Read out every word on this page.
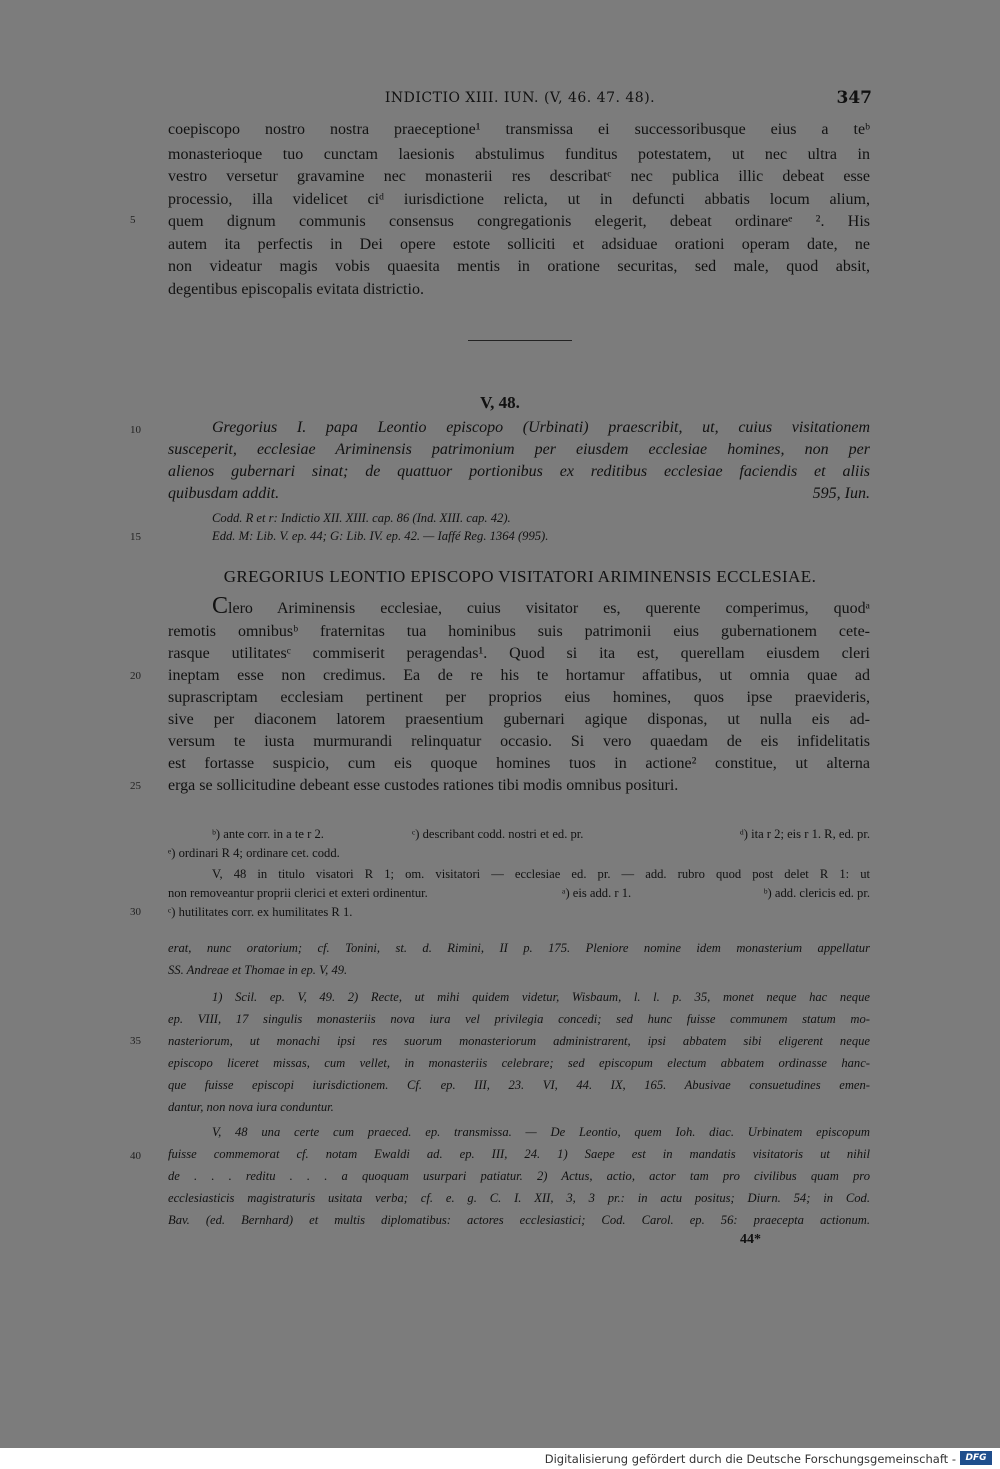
INDICTIO XIII. IUN. (V, 46. 47. 48).	347
coepiscopo nostro nostra praeceptione¹ transmissa ei successoribusque eius a teᵇ
monasterioque tuo cunctam laesionis abstulimus funditus potestatem, ut nec ultra in
vestro versetur gravamine nec monasterii res describatᶜ nec publica illic debeat esse
processio, illa videlicet ciᵈ iurisdictione relicta, ut in defuncti abbatis locum alium,
quem dignum communis consensus congregationis elegerit, debeat ordinareᵉ ². His
autem ita perfectis in Dei opere estote solliciti et adsiduae orationi operam date, ne
non videatur magis vobis quaesita mentis in oratione securitas, sed male, quod absit,
degentibus episcopalis evitata districtio.
V, 48.
Gregorius I. papa Leontio episcopo (Urbinati) praescribit, ut, cuius visitationem
susceperit, ecclesiae Ariminensis patrimonium per eiusdem ecclesiae homines, non per
alienos gubernari sinat; de quattuor portionibus ex reditibus ecclesiae faciendis et aliis
quibusdam addit.	595, Iun.
Codd. R et r: Indictio XII. XIII. cap. 86 (Ind. XIII. cap. 42).
Edd. M: Lib. V. ep. 44; G: Lib. IV. ep. 42. — Iaffé Reg. 1364 (995).
GREGORIUS LEONTIO EPISCOPO VISITATORI ARIMINENSIS ECCLESIAE.
Clero Ariminensis ecclesiae, cuius visitator es, querente comperimus, quodᵃ
remotis omnibusᵇ fraternitas tua hominibus suis patrimonii eius gubernationem cete-
rasque utilitatesᶜ commiserit peragendas¹. Quod si ita est, querellam eiusdem cleri
ineptam esse non credimus. Ea de re his te hortamur affatibus, ut omnia quae ad
suprascriptam ecclesiam pertinent per proprios eius homines, quos ipse praevideris,
sive per diaconem latorem praesentium gubernari agique disponas, ut nulla eis ad-
versum te iusta murmurandi relinquatur occasio. Si vero quaedam de eis infidelitatis
est fortasse suspicio, cum eis quoque homines tuos in actione² constitue, ut alterna
erga se sollicitudine debeant esse custodes rationes tibi modis omnibus posituri.
ᵇ) ante corr. in a te r 2.	ᶜ) describant codd. nostri et ed. pr.	ᵈ) ita r 2; eis r 1. R, ed. pr.
ᵉ) ordinari R 4; ordinare cet. codd.
V, 48 in titulo visatori R 1; om. visitatori — ecclesiae ed. pr. — add. rubro quod post delet R 1: ut
non removeantur proprii clerici et exteri ordinentur.	ᵃ) eis add. r 1.	ᵇ) add. clericis ed. pr.
ᶜ) hutilitates corr. ex humilitates R 1.
erat, nunc oratorium; cf. Tonini, st. d. Rimini, II p. 175. Pleniore nomine idem monasterium appellatur
SS. Andreae et Thomae in ep. V, 49.
1) Scil. ep. V, 49. 2) Recte, ut mihi quidem videtur, Wisbaum, l. l. p. 35, monet neque hac neque
ep. VIII, 17 singulis monasteriis nova iura vel privilegia concedi; sed hunc fuisse communem statum mo-
nasteriorum, ut monachi ipsi res suorum monasteriorum administrarent, ipsi abbatem sibi eligerent neque
episcopo liceret missas, cum vellet, in monasteriis celebrare; sed episcopum electum abbatem ordinasse hanc-
que fuisse episcopi iurisdictionem. Cf. ep. III, 23. VI, 44. IX, 165. Abusivae consuetudines emen-
dantur, non nova iura conduntur.
V, 48 una certe cum praeced. ep. transmissa. — De Leontio, quem Ioh. diac. Urbinatem episcopum
fuisse commemorat cf. notam Ewaldi ad. ep. III, 24. 1) Saepe est in mandatis visitatoris ut nihil
de . . . reditu . . . a quoquam usurpari patiatur. 2) Actus, actio, actor tam pro civilibus quam pro
ecclesiasticis magistraturis usitata verba; cf. e. g. C. I. XII, 3, 3 pr.: in actu positus; Diurn. 54; in Cod.
Bav. (ed. Bernhard) et multis diplomatibus: actores ecclesiastici; Cod. Carol. ep. 56: praecepta actionum.
44*
5
10
15
20
25
30
35
40
Digitalisierung gefördert durch die Deutsche Forschungsgemeinschaft -	DFG
